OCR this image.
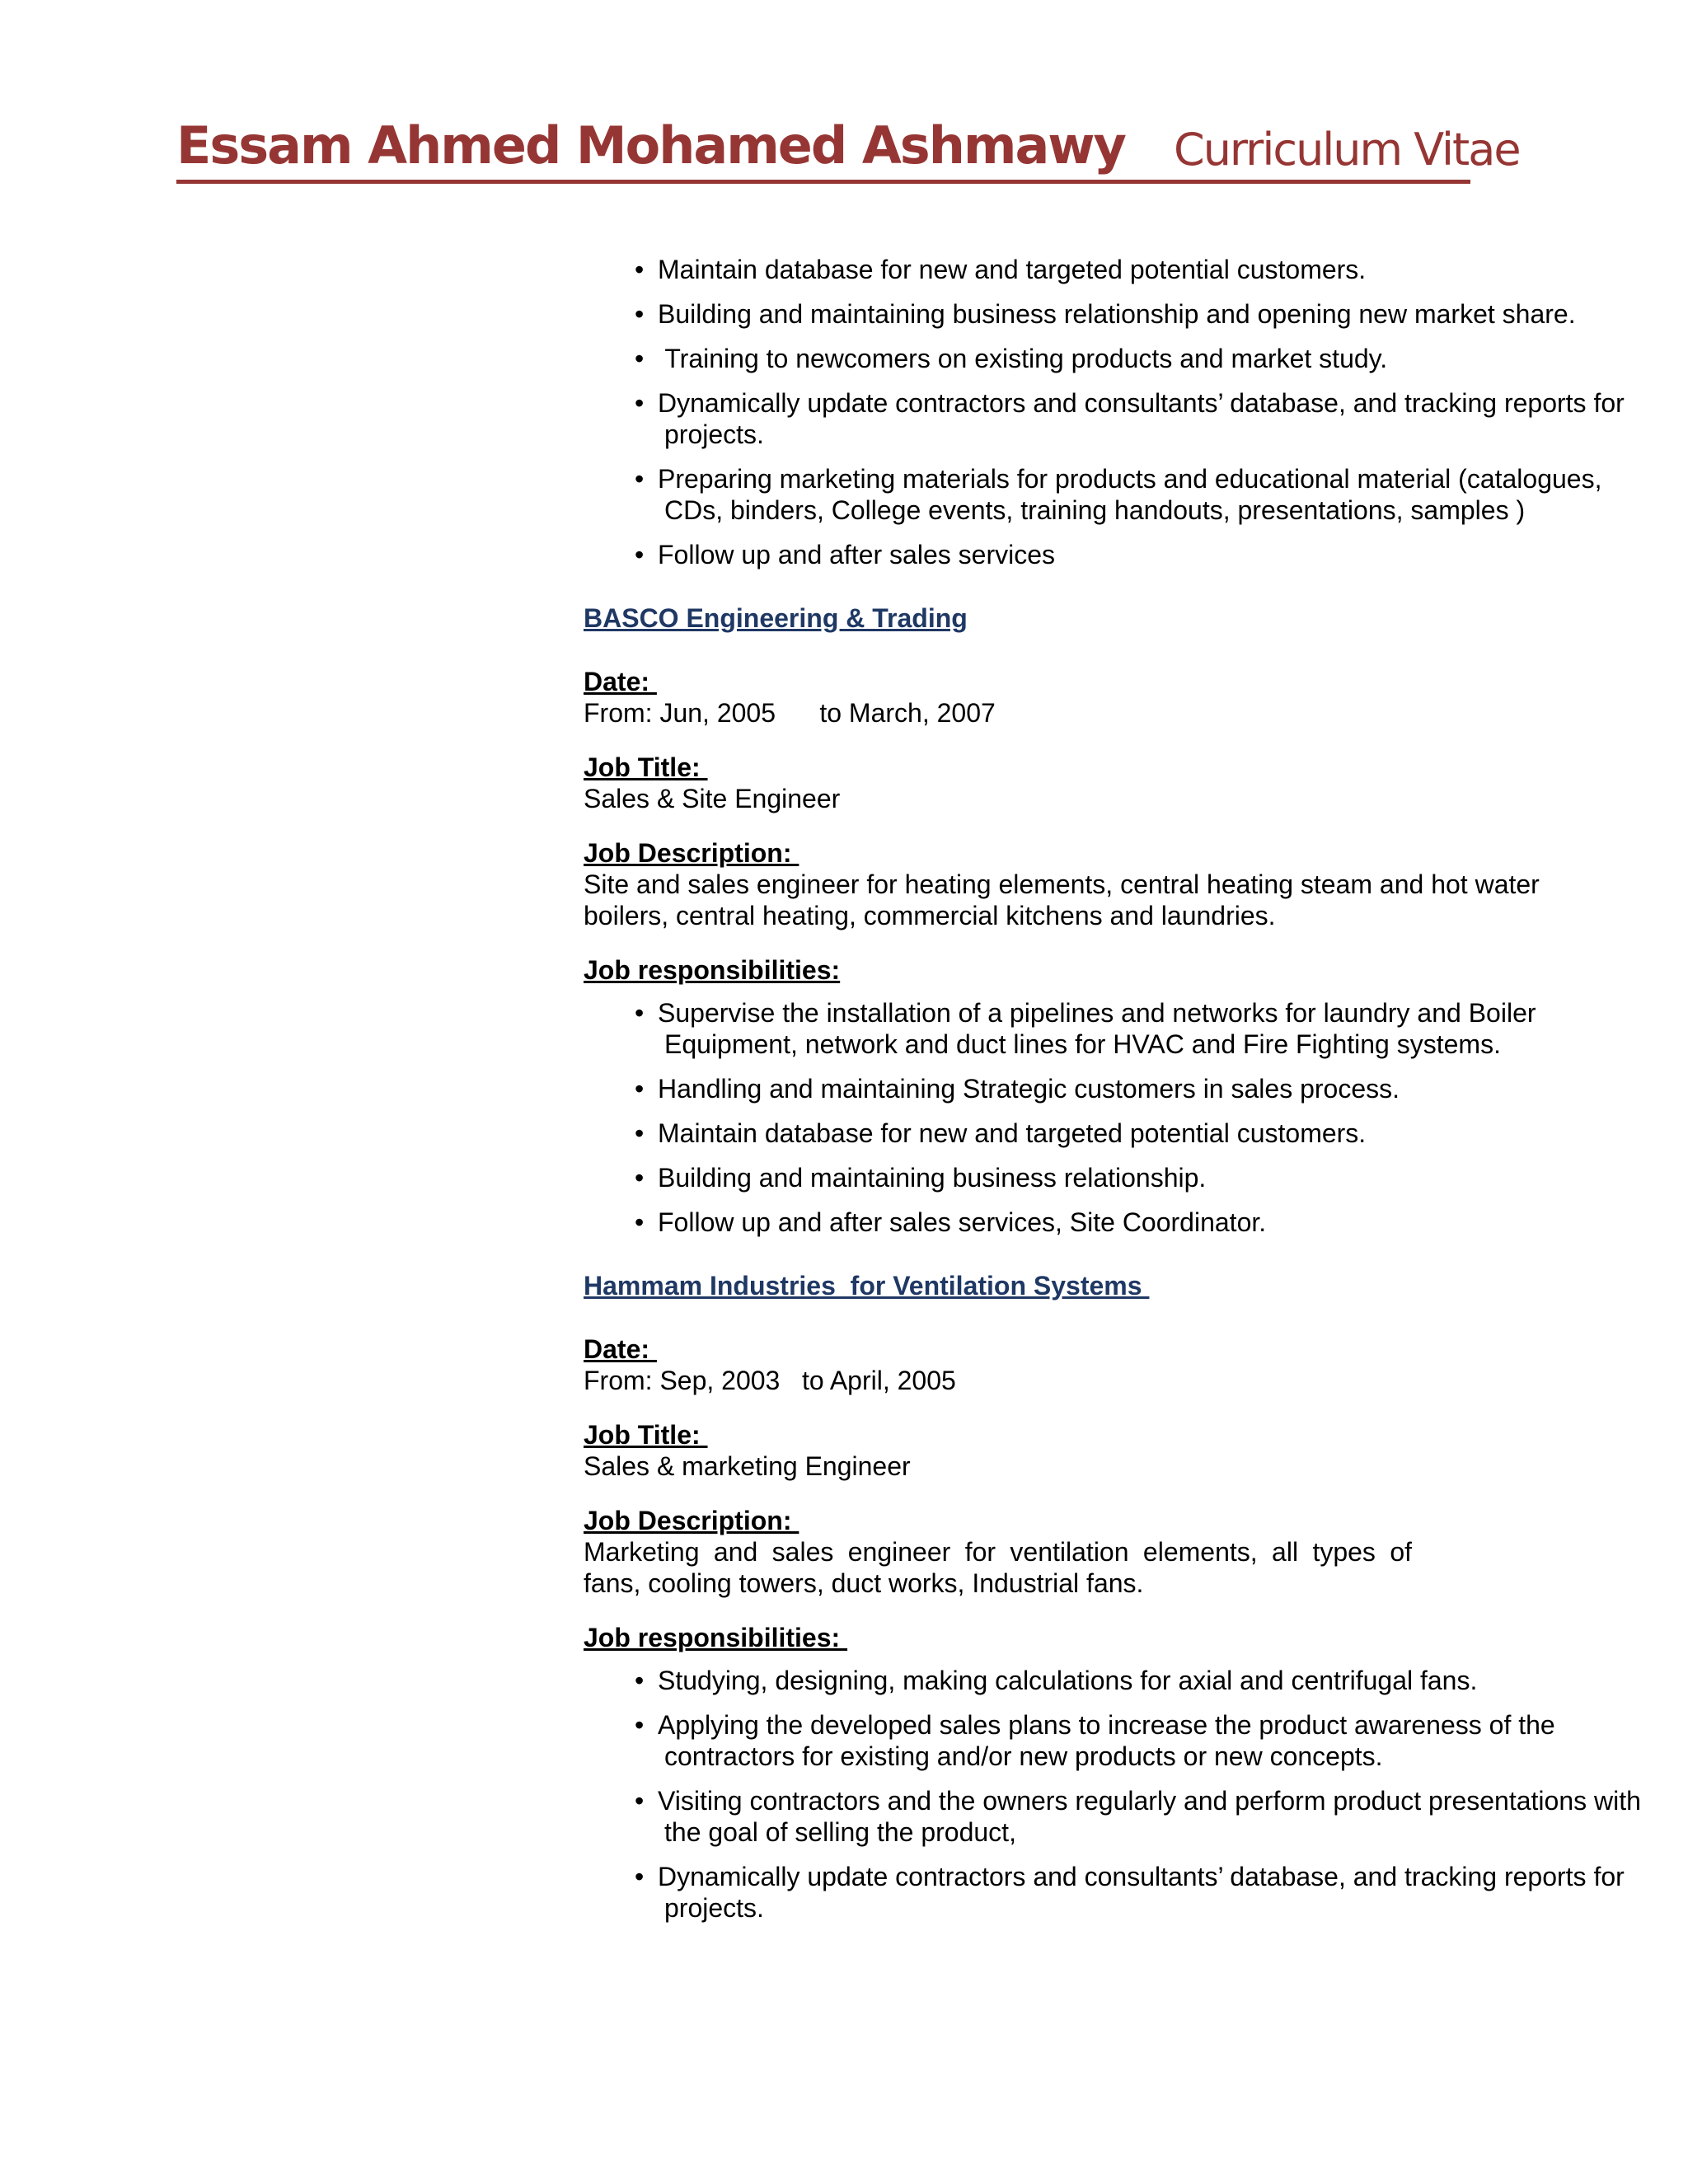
Essam Ahmed Mohamed Ashmawy Curriculum Vitae
• Maintain database for new and targeted potential customers.
• Building and maintaining business relationship and opening new market share.
• Training to newcomers on existing products and market study.
• Dynamically update contractors and consultants’ database, and tracking reports for projects.
• Preparing marketing materials for products and educational material (catalogues, CDs, binders, College events, training handouts, presentations, samples )
• Follow up and after sales services
BASCO Engineering & Trading
Date:
From: Jun, 2005      to March, 2007
Job Title:
Sales & Site Engineer
Job Description:
Site and sales engineer for heating elements, central heating steam and hot water boilers, central heating, commercial kitchens and laundries.
Job responsibilities:
• Supervise the installation of a pipelines and networks for laundry and Boiler Equipment, network and duct lines for HVAC and Fire Fighting systems.
• Handling and maintaining Strategic customers in sales process.
• Maintain database for new and targeted potential customers.
• Building and maintaining business relationship.
• Follow up and after sales services, Site Coordinator.
Hammam Industries  for Ventilation Systems
Date:
From: Sep, 2003   to April, 2005
Job Title:
Sales & marketing Engineer
Job Description:
Marketing and sales engineer for ventilation elements, all types of fans, cooling towers, duct works, Industrial fans.
Job responsibilities:
• Studying, designing, making calculations for axial and centrifugal fans.
• Applying the developed sales plans to increase the product awareness of the contractors for existing and/or new products or new concepts.
• Visiting contractors and the owners regularly and perform product presentations with the goal of selling the product,
• Dynamically update contractors and consultants’ database, and tracking reports for projects.
